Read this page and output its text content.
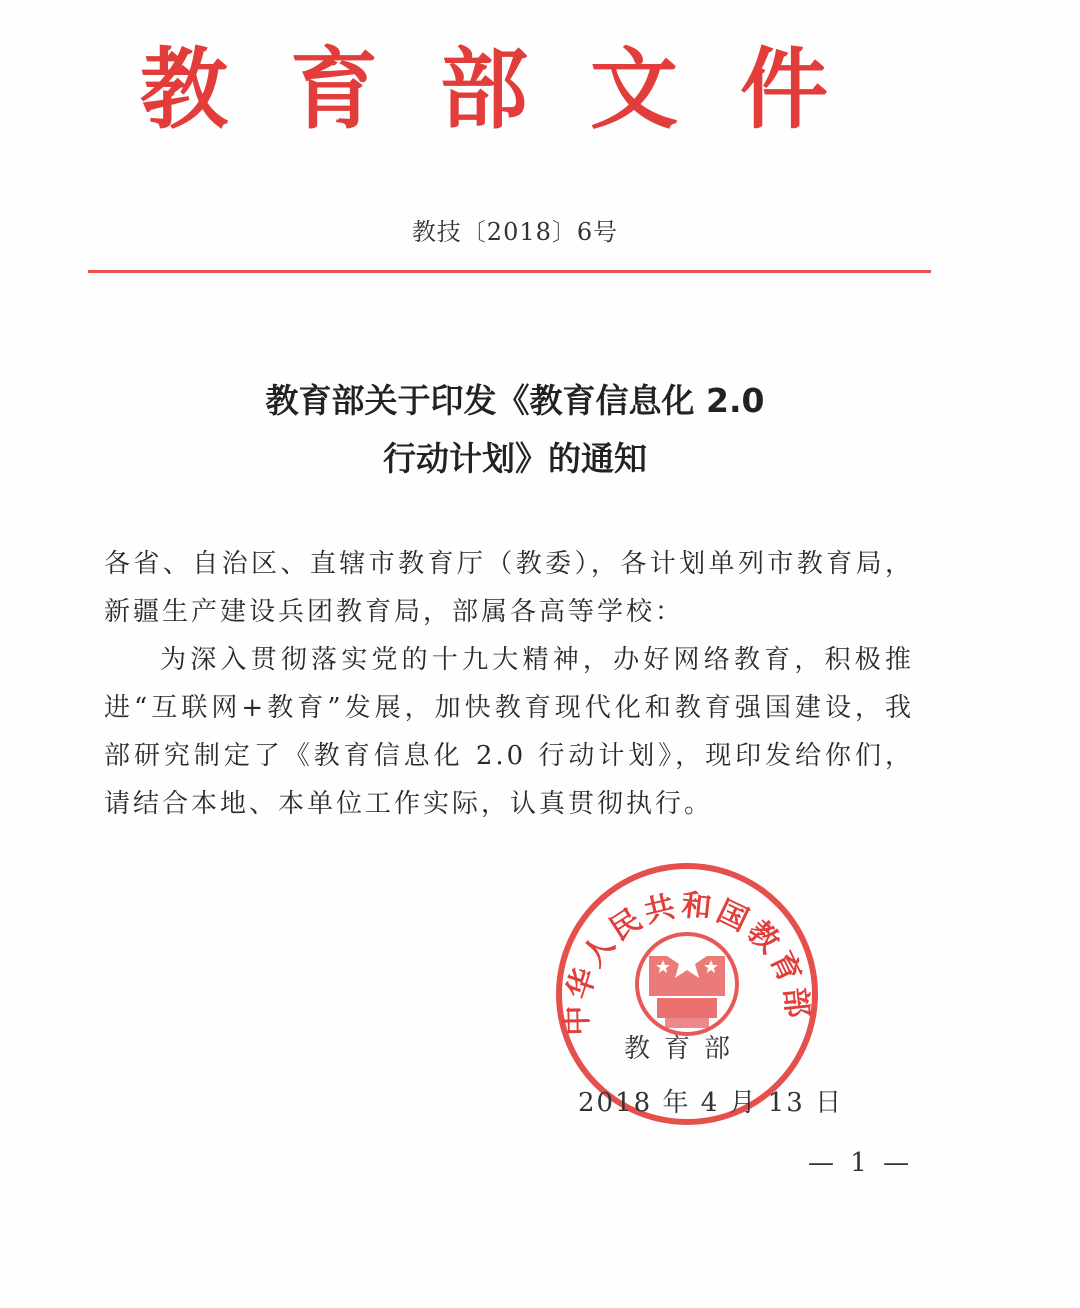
教育部文件
教技〔2018〕6号
教育部关于印发《教育信息化 2.0
行动计划》的通知

各省、自治区、直辖市教育厅（教委），各计划单列市教育局，新疆生产建设兵团教育局，部属各高等学校：

为深入贯彻落实党的十九大精神，办好网络教育，积极推进“互联网+教育”发展，加快教育现代化和教育强国建设，我部研究制定了《教育信息化 2.0 行动计划》，现印发给你们，请结合本地、本单位工作实际，认真贯彻执行。

中华人民共和国教育部
教育部
2018 年 4 月 13 日
— 1 —
